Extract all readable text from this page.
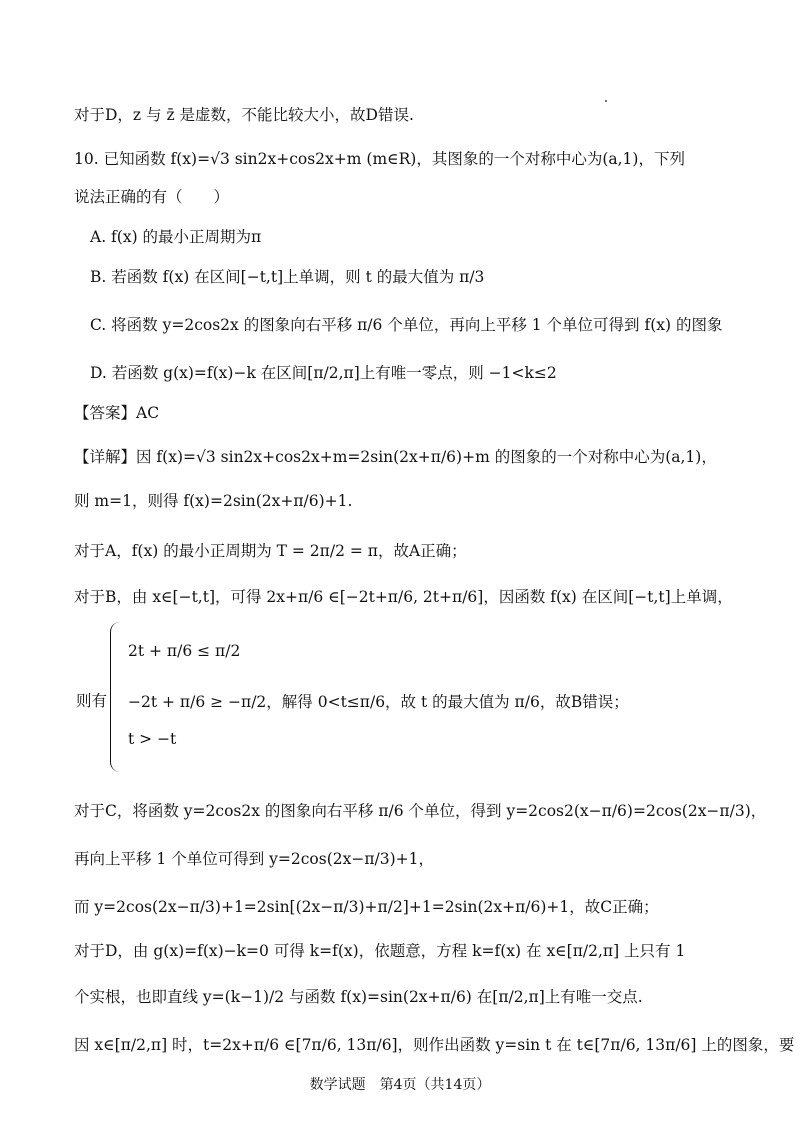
对于D，z 与 z̄ 是虚数，不能比较大小，故D错误.
10. 已知函数 f(x)=√3 sin2x+cos2x+m (m∈R)，其图象的一个对称中心为(a,1)，下列
说法正确的有（　　）
A. f(x) 的最小正周期为π
B. 若函数 f(x) 在区间[−t,t]上单调，则 t 的最大值为 π/3
C. 将函数 y=2cos2x 的图象向右平移 π/6 个单位，再向上平移 1 个单位可得到 f(x) 的图象
D. 若函数 g(x)=f(x)−k 在区间[π/2,π]上有唯一零点，则 −1<k≤2
【答案】AC
【详解】因 f(x)=√3 sin2x+cos2x+m=2sin(2x+π/6)+m 的图象的一个对称中心为(a,1)，
则 m=1，则得 f(x)=2sin(2x+π/6)+1.
对于A，f(x) 的最小正周期为 T = 2π/2 = π，故A正确；
对于B，由 x∈[−t,t]，可得 2x+π/6 ∈[−2t+π/6, 2t+π/6]，因函数 f(x) 在区间[−t,t]上单调，
2t + π/6 ≤ π/2
则有	−2t + π/6 ≥ −π/2，解得 0<t≤π/6，故 t 的最大值为 π/6，故B错误；
t > −t
对于C，将函数 y=2cos2x 的图象向右平移 π/6 个单位，得到 y=2cos2(x−π/6)=2cos(2x−π/3)，
再向上平移 1 个单位可得到 y=2cos(2x−π/3)+1，
而 y=2cos(2x−π/3)+1=2sin[(2x−π/3)+π/2]+1=2sin(2x+π/6)+1，故C正确；
对于D，由 g(x)=f(x)−k=0 可得 k=f(x)，依题意，方程 k=f(x) 在 x∈[π/2,π] 上只有 1
个实根，也即直线 y=(k−1)/2 与函数 f(x)=sin(2x+π/6) 在[π/2,π]上有唯一交点.
因 x∈[π/2,π] 时，t=2x+π/6 ∈[7π/6, 13π/6]，则作出函数 y=sin t 在 t∈[7π/6, 13π/6] 上的图象，要
数学试题　第4页（共14页）
